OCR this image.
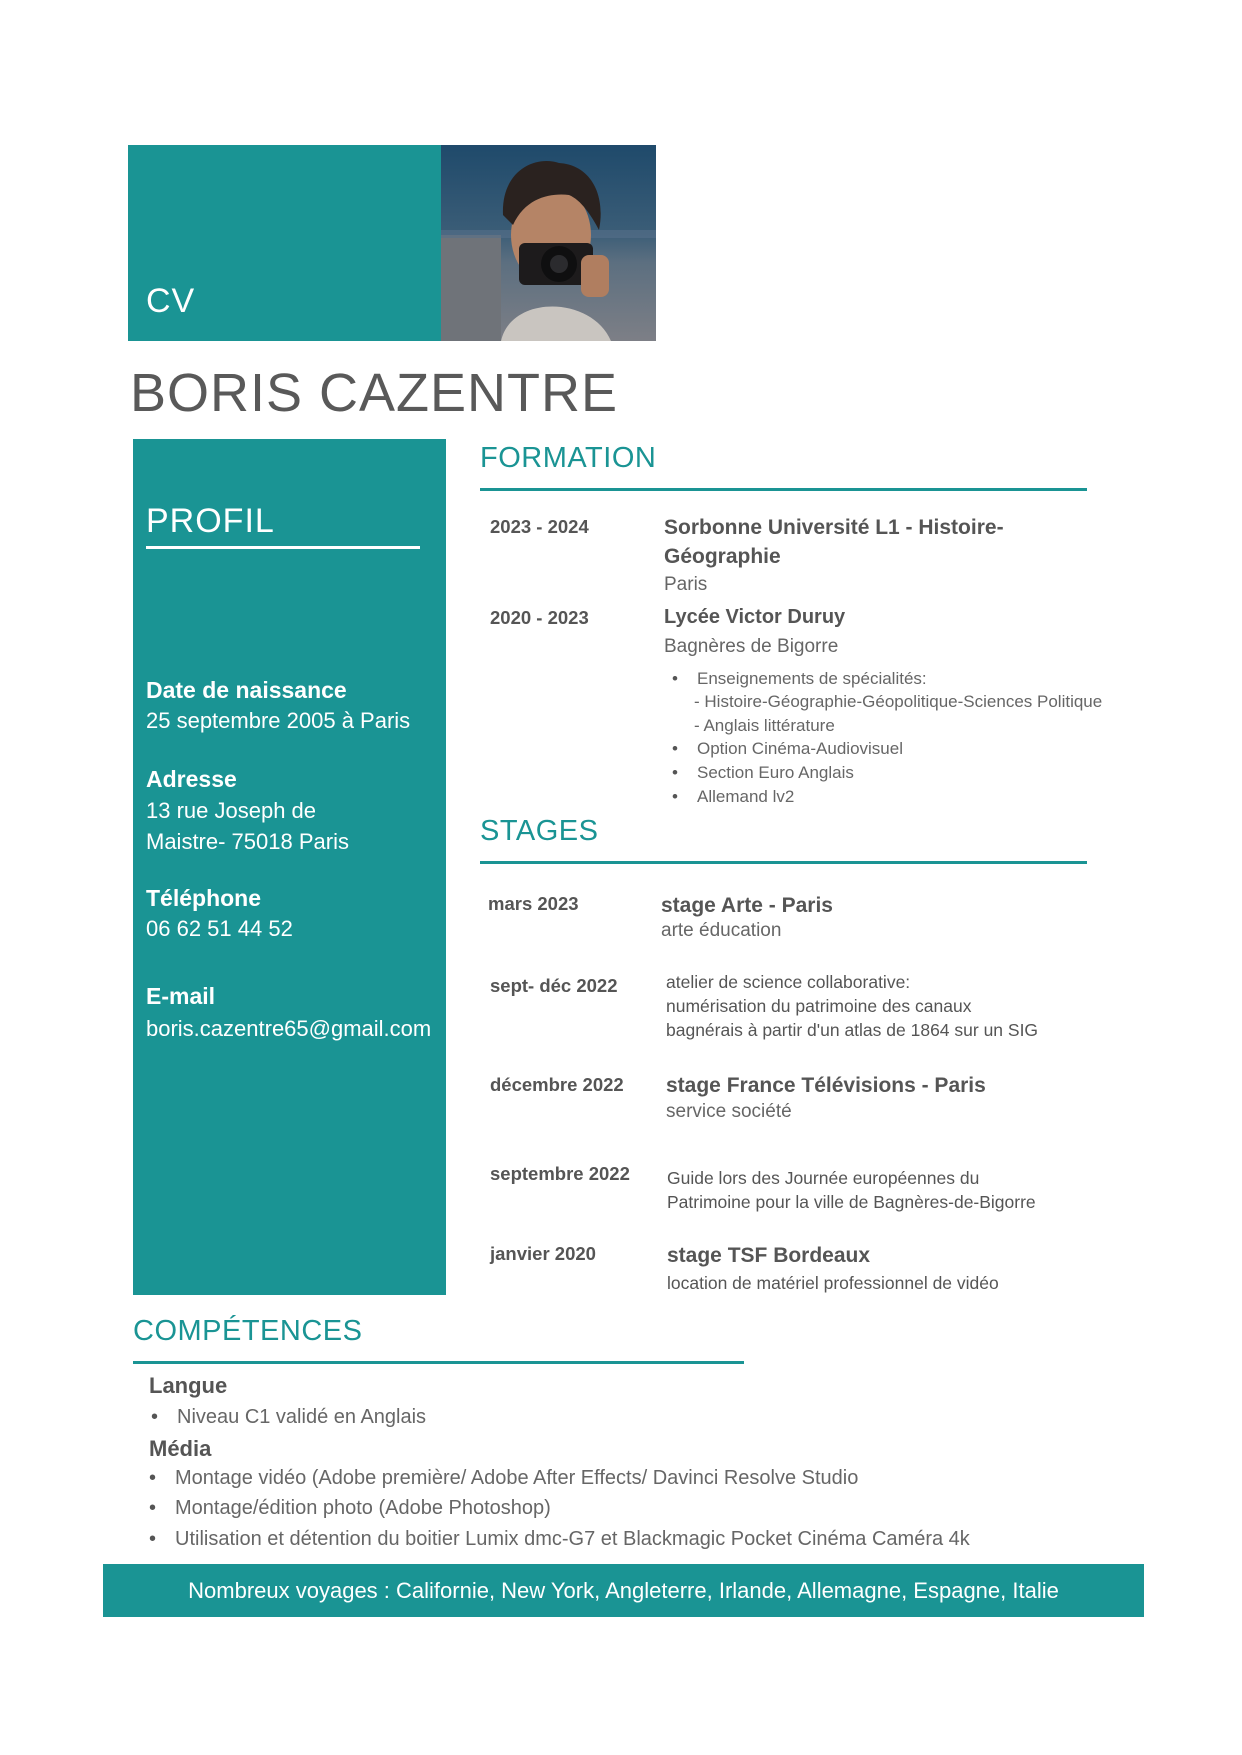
CV
BORIS CAZENTRE
PROFIL
Date de naissance
25 septembre 2005 à Paris
Adresse
13 rue Joseph de
Maistre- 75018 Paris
Téléphone
06 62 51 44 52
E-mail
boris.cazentre65@gmail.com
FORMATION
2023 - 2024	Sorbonne Université L1 - Histoire-
Géographie
Paris
2020 - 2023	Lycée Victor Duruy
Bagnères de Bigorre
• Enseignements de spécialités:
- Histoire-Géographie-Géopolitique-Sciences Politique
- Anglais littérature
• Option Cinéma-Audiovisuel
• Section Euro Anglais
• Allemand lv2
STAGES
mars 2023	stage Arte - Paris
arte éducation
sept- déc 2022	atelier de science collaborative:
numérisation du patrimoine des canaux
bagnérais à partir d'un atlas de 1864 sur un SIG
décembre 2022 stage France Télévisions - Paris
service société
septembre 2022 Guide lors des Journée européennes du
Patrimoine pour la ville de Bagnères-de-Bigorre
janvier 2020	stage TSF Bordeaux
location de matériel professionnel de vidéo
COMPÉTENCES
Langue
• Niveau C1 validé en Anglais
Média
• Montage vidéo (Adobe première/ Adobe After Effects/ Davinci Resolve Studio
• Montage/édition photo (Adobe Photoshop)
• Utilisation et détention du boitier Lumix dmc-G7 et Blackmagic Pocket Cinéma Caméra 4k
Nombreux voyages : Californie, New York, Angleterre, Irlande, Allemagne, Espagne, Italie
